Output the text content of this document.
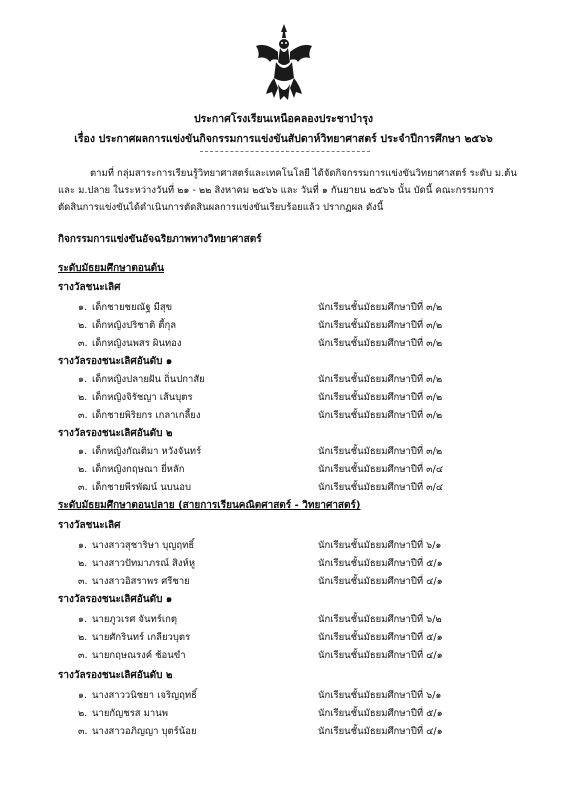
ประกาศโรงเรียนเหนือคลองประชาบำรุง
เรื่อง ประกาศผลการแข่งขันกิจกรรมการแข่งขันสัปดาห์วิทยาศาสตร์ ประจำปีการศึกษา ๒๕๖๖
ตามที่ กลุ่มสาระการเรียนรู้วิทยาศาสตร์และเทคโนโลยี ได้จัดกิจกรรมการแข่งขันวิทยาศาสตร์ ระดับ ม.ต้น
และ ม.ปลาย ในระหว่างวันที่ ๒๑ - ๒๒ สิงหาคม ๒๕๖๖ และ วันที่ ๑ กันยายน ๒๕๖๖ นั้น บัดนี้ คณะกรรมการ
ตัดสินการแข่งขันได้ดำเนินการตัดสินผลการแข่งขันเรียบร้อยแล้ว ปรากฏผล ดังนี้
กิจกรรมการแข่งขันอัจฉริยภาพทางวิทยาศาสตร์
ระดับมัธยมศึกษาตอนต้น
รางวัลชนะเลิศ
๑. เด็กชายชยณัฐ มีสุข	นักเรียนชั้นมัธยมศึกษาปีที่ ๓/๒
๒. เด็กหญิงปริชาติ ตี้กุล	นักเรียนชั้นมัธยมศึกษาปีที่ ๓/๒
๓. เด็กหญิงนพสร ผินทอง	นักเรียนชั้นมัธยมศึกษาปีที่ ๓/๒
รางวัลรองชนะเลิศอันดับ ๑
๑. เด็กหญิงปลายฝัน ถิ่นปกาสัย	นักเรียนชั้นมัธยมศึกษาปีที่ ๓/๒
๒. เด็กหญิงจิรัชญา เส้นบุตร	นักเรียนชั้นมัธยมศึกษาปีที่ ๓/๒
๓. เด็กชายพิริยกร เกลาเกลี้ยง	นักเรียนชั้นมัธยมศึกษาปีที่ ๓/๒
รางวัลรองชนะเลิศอันดับ ๒
๑. เด็กหญิงกัณติมา หวังจันทร์	นักเรียนชั้นมัธยมศึกษาปีที่ ๓/๒
๒. เด็กหญิงกฤษณา ยี่หลัก	นักเรียนชั้นมัธยมศึกษาปีที่ ๓/๔
๓. เด็กชายพีรพัฒน์ นบนอบ	นักเรียนชั้นมัธยมศึกษาปีที่ ๓/๔
ระดับมัธยมศึกษาตอนปลาย (สายการเรียนคณิตศาสตร์ - วิทยาศาสตร์)
รางวัลชนะเลิศ
๑. นางสาวสุชาริษา บุญฤทธิ์	นักเรียนชั้นมัธยมศึกษาปีที่ ๖/๑
๒. นางสาวปัทมาภรณ์ สิงห์หู	นักเรียนชั้นมัธยมศึกษาปีที่ ๕/๑
๓. นางสาวอิสราพร ศรีชาย	นักเรียนชั้นมัธยมศึกษาปีที่ ๔/๑
รางวัลรองชนะเลิศอันดับ ๑
๑. นายภูวเรศ จันทร์เกตุ	นักเรียนชั้นมัธยมศึกษาปีที่ ๖/๒
๒. นายศักรินทร์ เกลียวบุตร	นักเรียนชั้นมัธยมศึกษาปีที่ ๕/๑
๓. นายกฤษณรงค์ ช้อนขำ	นักเรียนชั้นมัธยมศึกษาปีที่ ๔/๑
รางวัลรองชนะเลิศอันดับ ๒
๑. นางสาววนิชยา เจริญฤทธิ์	นักเรียนชั้นมัธยมศึกษาปีที่ ๖/๑
๒. นายกัญชรส มานพ	นักเรียนชั้นมัธยมศึกษาปีที่ ๕/๑
๓. นางสาวอภิญญา บุตร์น้อย	นักเรียนชั้นมัธยมศึกษาปีที่ ๔/๑
